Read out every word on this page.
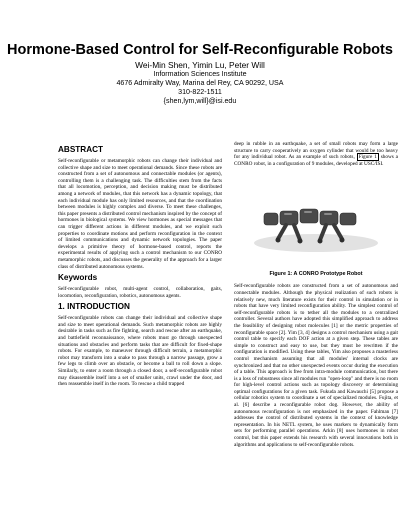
Hormone-Based Control for Self-Reconfigurable Robots
Wei-Min Shen, Yimin Lu, Peter Will
Information Sciences Institute
4676 Admiralty Way, Marina del Rey, CA 90292, USA
310-822-1511
{shen,lym,will}@isi.edu
ABSTRACT

Self-reconfigurable or metamorphic robots can change their individual and collective shape and size to meet operational demands. Since these robots are constructed from a set of autonomous and connectable modules (or agents), controlling them is a challenging task. The difficulties stem from the facts that all locomotion, perception, and decision making must be distributed among a network of modules, that this network has a dynamic topology, that each individual module has only limited resources, and that the coordination between modules is highly complex and diverse. To meet these challenges, this paper presents a distributed control mechanism inspired by the concept of hormones in biological systems. We view hormones as special messages that can trigger different actions in different modules, and we exploit such properties to coordinate motions and perform reconfiguration in the context of limited communications and dynamic network topologies. The paper develops a primitive theory of hormone-based control, reports the experimental results of applying such a control mechanism to our CONRO metamorphic robots, and discusses the generality of the approach for a larger class of distributed autonomous systems.

Keywords

Self-reconfigurable robot, multi-agent control, collaboration, gaits, locomotion, reconfiguration, robotics, autonomous agents.

1. INTRODUCTION

Self-reconfigurable robots can change their individual and collective shape and size to meet operational demands. Such metamorphic robots are highly desirable in tasks such as fire fighting, search and rescue after an earthquake, and battlefield reconnaissance, where robots must go through unexpected situations and obstacles and perform tasks that are difficult for fixed-shape robots. For example, to maneuver through difficult terrain, a metamorphic robot may transform into a snake to pass through a narrow passage, grow a few legs to climb over an obstacle, or become a ball to roll down a slope. Similarly, to enter a room through a closed door, a self-reconfigurable robot may disassemble itself into a set of smaller units, crawl under the door, and then reassemble itself in the room. To rescue a child trapped

deep in rubble in an earthquake, a set of small robots may form a large structure to carry cooperatively an oxygen cylinder that would be too heavy for any individual robot. As an example of such robots, Figure 1 shows a CONRO robot, in a configuration of 9 modules, developed at USC/ISI.

Figure 1: A CONRO Prototype Robot

Self-reconfigurable robots are constructed from a set of autonomous and connectable modules. Although the physical realization of such robots is relatively new, much literature exists for their control in simulation or in robots that have very limited reconfiguration ability. The simplest control of self-reconfigurable robots is to tether all the modules to a centralized controller. Several authors have adopted this simplified approach to address the feasibility of designing robot molecules [1] or the metric properties of reconfigurable space [2]. Yim [3, 4] designs a control mechanism using a gait control table to specify each DOF action at a given step. These tables are simple to construct and easy to use, but they must be rewritten if the configuration is modified. Using these tables, Yim also proposes a masterless control mechanism assuming that all modules' internal clocks are synchronized and that no other unexpected events occur during the execution of a table. This approach is free from intra-module communication, but there is a loss of robustness since all modules run "open-loop" and there is no room for high-level control actions such as topology discovery or determining optimal configurations for a given task. Fukuda and Kawauchi [5] propose a cellular robotics system to coordinate a set of specialized modules. Fujita, et al. [6] describe a reconfigurable robot dog. However, the ability of autonomous reconfiguration is not emphasized in the paper. Fahlman [7] addresses the control of distributed systems in the context of knowledge representation. In his NETL system, he uses markers to dynamically form sets for performing parallel operations. Arkin [8] uses hormones in robot control, but this paper extends his research with several innovations both in algorithms and applications to self-reconfigurable robots.
